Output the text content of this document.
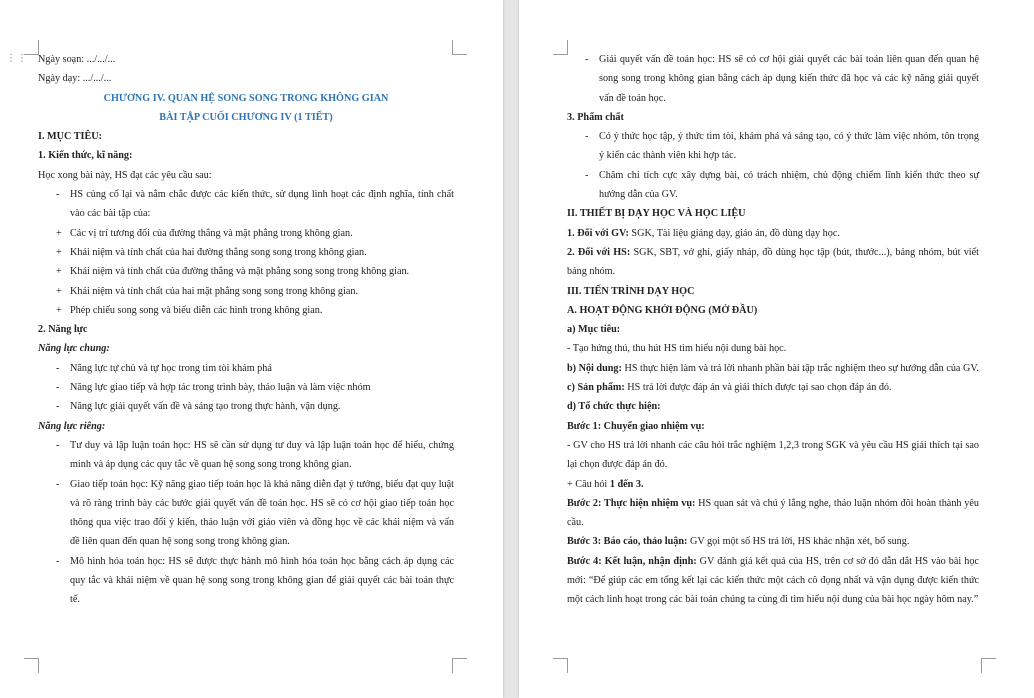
⋮⋮ Ngày soạn: .../.../...

Ngày dạy: .../.../...

CHƯƠNG IV. QUAN HỆ SONG SONG TRONG KHÔNG GIAN

BÀI TẬP CUỐI CHƯƠNG IV (1 TIẾT)

I. MỤC TIÊU:

1. Kiến thức, kĩ năng:

Học xong bài này, HS đạt các yêu cầu sau:

- HS củng cố lại và nắm chắc được các kiến thức, sử dụng linh hoạt các định nghĩa, tính chất vào các bài tập của:
+ Các vị trí tương đối của đường thẳng và mặt phẳng trong không gian.
+ Khái niệm và tính chất của hai đường thẳng song song trong không gian.
+ Khái niệm và tính chất của đường thẳng và mặt phẳng song song trong không gian.
+ Khái niệm và tính chất của hai mặt phẳng song song trong không gian.
+ Phép chiếu song song và biểu diễn các hình trong không gian.

2. Năng lực

Năng lực chung:

- Năng lực tự chủ và tự học trong tìm tòi khám phá
- Năng lực giao tiếp và hợp tác trong trình bày, thảo luận và làm việc nhóm
- Năng lực giải quyết vấn đề và sáng tạo trong thực hành, vận dụng.

Năng lực riêng:

- Tư duy và lập luận toán học: HS sẽ cần sử dụng tư duy và lập luận toán học để hiểu, chứng minh và áp dụng các quy tắc về quan hệ song song trong không gian.
- Giao tiếp toán học: Kỹ năng giao tiếp toán học là khả năng diễn đạt ý tưởng, biểu đạt quy luật và rõ ràng trình bày các bước giải quyết vấn đề toán học. HS sẽ có cơ hội giao tiếp toán học thông qua việc trao đổi ý kiến, thảo luận với giáo viên và đồng học về các khái niệm và vấn đề liên quan đến quan hệ song song trong không gian.
- Mô hình hóa toán học: HS sẽ được thực hành mô hình hóa toán học bằng cách áp dụng các quy tắc và khái niệm về quan hệ song song trong không gian để giải quyết các bài toán thực tế.
- Giải quyết vấn đề toán học: HS sẽ có cơ hội giải quyết các bài toán liên quan đến quan hệ song song trong không gian bằng cách áp dụng kiến thức đã học và các kỹ năng giải quyết vấn đề toán học.

3. Phẩm chất

- Có ý thức học tập, ý thức tìm tòi, khám phá và sáng tạo, có ý thức làm việc nhóm, tôn trọng ý kiến các thành viên khi hợp tác.
- Chăm chỉ tích cực xây dựng bài, có trách nhiệm, chủ động chiếm lĩnh kiến thức theo sự hướng dẫn của GV.

II. THIẾT BỊ DẠY HỌC VÀ HỌC LIỆU

1. Đối với GV: SGK, Tài liệu giảng dạy, giáo án, đồ dùng dạy học.

2. Đối với HS: SGK, SBT, vở ghi, giấy nháp, đồ dùng học tập (bút, thước...), bảng nhóm, bút viết bảng nhóm.

III. TIẾN TRÌNH DẠY HỌC

A. HOẠT ĐỘNG KHỞI ĐỘNG (MỞ ĐẦU)

a) Mục tiêu:

- Tạo hứng thú, thu hút HS tìm hiểu nội dung bài học.

b) Nội dung: HS thực hiện làm và trả lời nhanh phần bài tập trắc nghiệm theo sự hướng dẫn của GV.

c) Sản phẩm: HS trả lời được đáp án và giải thích được tại sao chọn đáp án đó.

d) Tổ chức thực hiện:

Bước 1: Chuyển giao nhiệm vụ:

- GV cho HS trả lời nhanh các câu hỏi trắc nghiệm 1,2,3 trong SGK và yêu cầu HS giải thích tại sao lại chọn được đáp án đó.

+ Câu hỏi 1 đến 3.

Bước 2: Thực hiện nhiệm vụ: HS quan sát và chú ý lắng nghe, thảo luận nhóm đôi hoàn thành yêu cầu.

Bước 3: Báo cáo, thảo luận: GV gọi một số HS trả lời, HS khác nhận xét, bổ sung.

Bước 4: Kết luận, nhận định: GV đánh giá kết quả của HS, trên cơ sở đó dẫn dắt HS vào bài học mới: “Để giúp các em tổng kết lại các kiến thức một cách cô đọng nhất và vận dụng được kiến thức một cách linh hoạt trong các bài toán chúng ta cùng đi tìm hiểu nội dung của bài học ngày hôm nay.”
